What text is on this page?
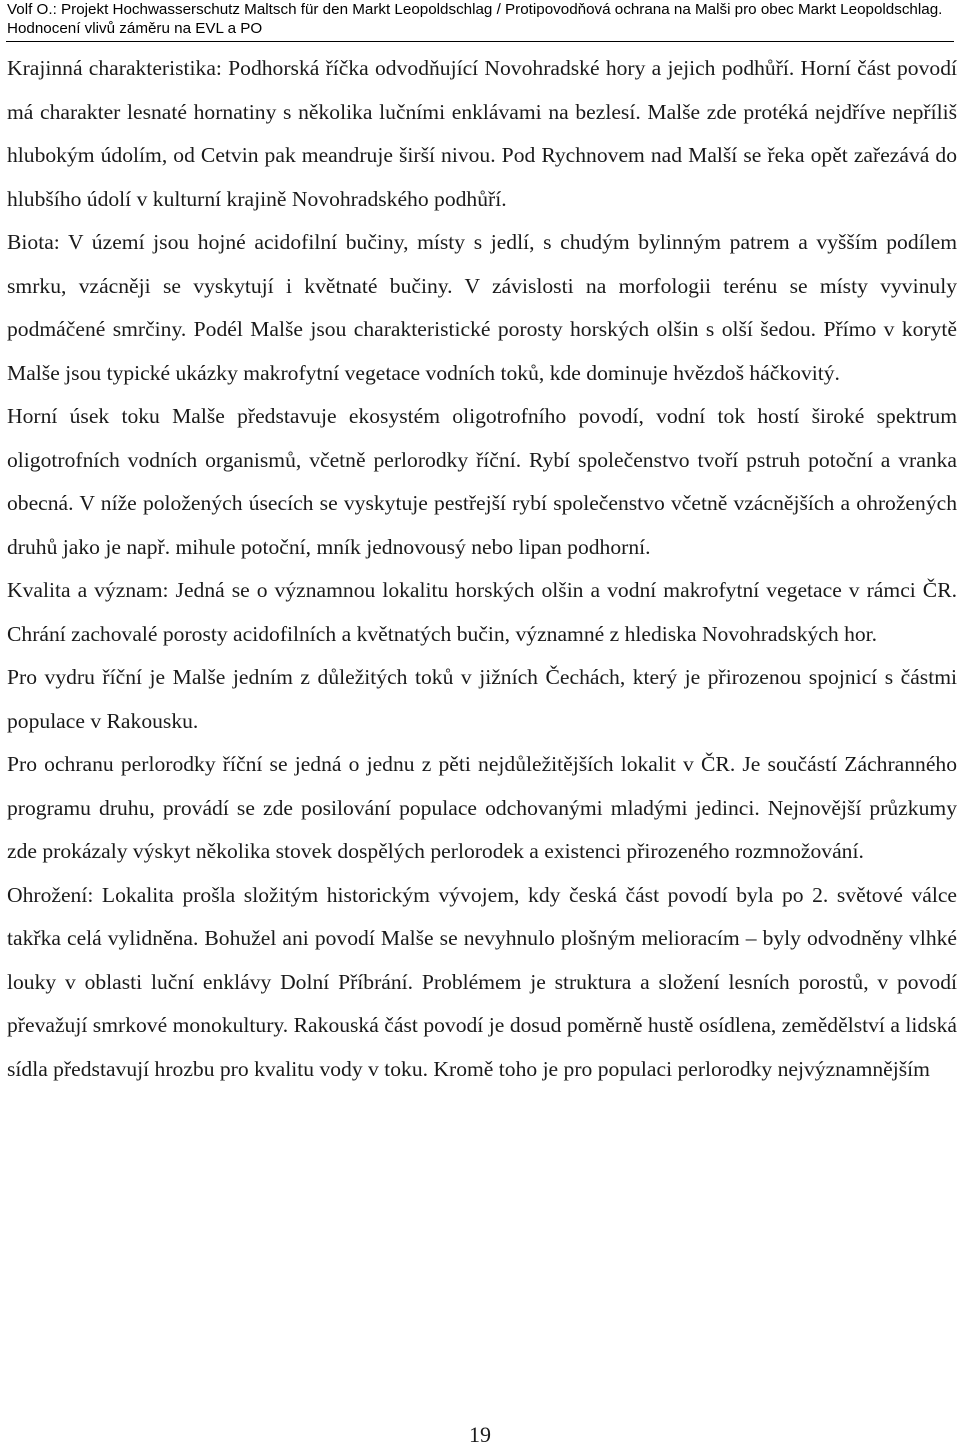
Volf O.: Projekt Hochwasserschutz Maltsch für den Markt Leopoldschlag / Protipovodňová ochrana na Malši pro obec Markt Leopoldschlag. Hodnocení vlivů záměru na EVL a PO

Krajinná charakteristika: Podhorská říčka odvodňující Novohradské hory a jejich podhůří. Horní část povodí má charakter lesnaté hornatiny s několika lučními enklávami na bezlesí. Malše zde protéká nejdříve nepříliš hlubokým údolím, od Cetvin pak meandruje širší nivou. Pod Rychnovem nad Malší se řeka opět zařezává do hlubšího údolí v kulturní krajině Novohradského podhůří.

Biota: V území jsou hojné acidofilní bučiny, místy s jedlí, s chudým bylinným patrem a vyšším podílem smrku, vzácněji se vyskytují i květnaté bučiny. V závislosti na morfologii terénu se místy vyvinuly podmáčené smrčiny. Podél Malše jsou charakteristické porosty horských olšin s olší šedou. Přímo v korytě Malše jsou typické ukázky makrofytní vegetace vodních toků, kde dominuje hvězdoš háčkovitý.

Horní úsek toku Malše představuje ekosystém oligotrofního povodí, vodní tok hostí široké spektrum oligotrofních vodních organismů, včetně perlorodky říční. Rybí společenstvo tvoří pstruh potoční a vranka obecná. V níže položených úsecích se vyskytuje pestřejší rybí společenstvo včetně vzácnějších a ohrožených druhů jako je např. mihule potoční, mník jednovousý nebo lipan podhorní.

Kvalita a význam: Jedná se o významnou lokalitu horských olšin a vodní makrofytní vegetace v rámci ČR. Chrání zachovalé porosty acidofilních a květnatých bučin, významné z hlediska Novohradských hor.

Pro vydru říční je Malše jedním z důležitých toků v jižních Čechách, který je přirozenou spojnicí s částmi populace v Rakousku.

Pro ochranu perlorodky říční se jedná o jednu z pěti nejdůležitějších lokalit v ČR. Je součástí Záchranného programu druhu, provádí se zde posilování populace odchovanými mladými jedinci. Nejnovější průzkumy zde prokázaly výskyt několika stovek dospělých perlorodek a existenci přirozeného rozmnožování.

Ohrožení: Lokalita prošla složitým historickým vývojem, kdy česká část povodí byla po 2. světové válce takřka celá vylidněna. Bohužel ani povodí Malše se nevyhnulo plošným melioracím – byly odvodněny vlhké louky v oblasti luční enklávy Dolní Příbrání. Problémem je struktura a složení lesních porostů, v povodí převažují smrkové monokultury. Rakouská část povodí je dosud poměrně hustě osídlena, zemědělství a lidská sídla představují hrozbu pro kvalitu vody v toku. Kromě toho je pro populaci perlorodky nejvýznamnějším

19
